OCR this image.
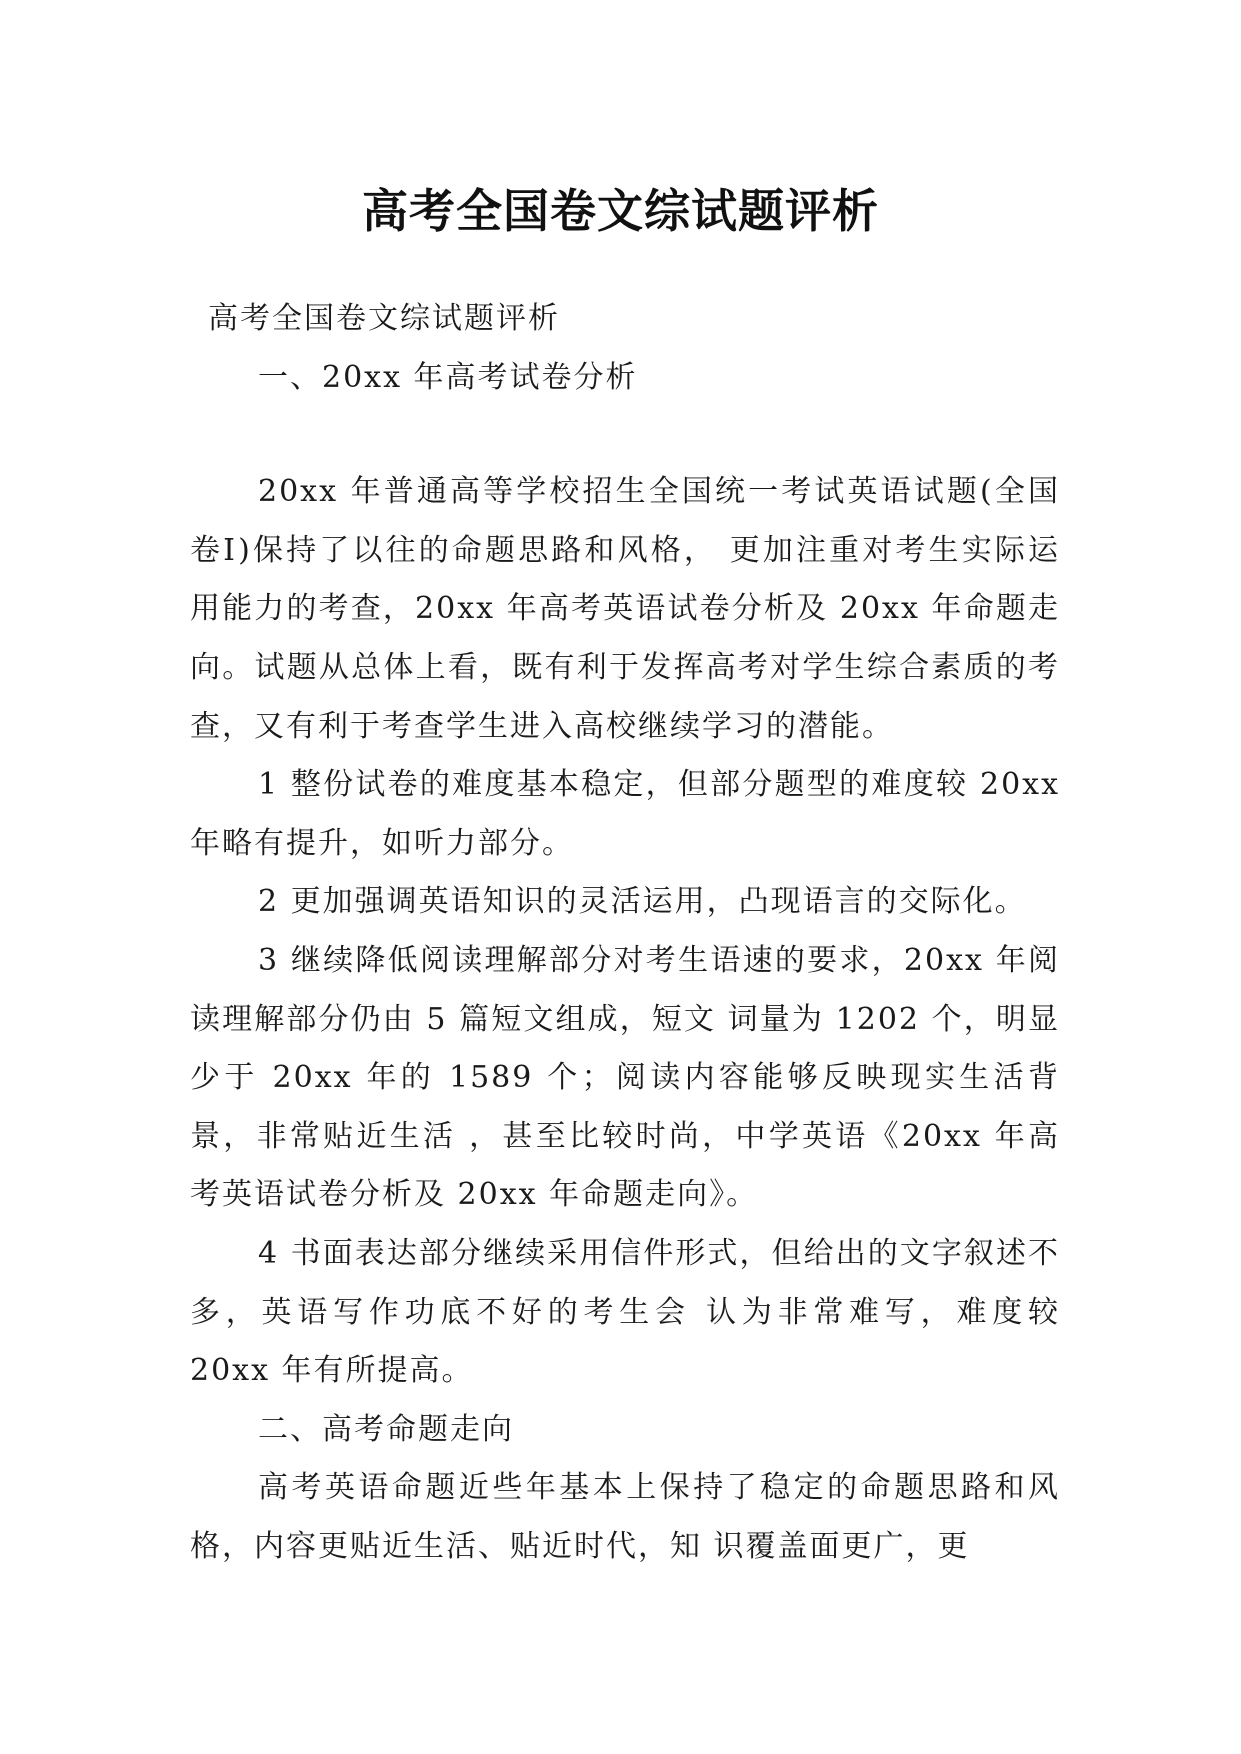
高考全国卷文综试题评析

高考全国卷文综试题评析

一、20xx 年高考试卷分析

20xx 年普通高等学校招生全国统一考试英语试题(全国卷Ⅰ)保持了以往的命题思路和风格， 更加注重对考生实际运用能力的考查，20xx 年高考英语试卷分析及 20xx 年命题走向。试题从总体上看，既有利于发挥高考对学生综合素质的考查，又有利于考查学生进入高校继续学习的潜能。

1 整份试卷的难度基本稳定，但部分题型的难度较 20xx 年略有提升，如听力部分。

2 更加强调英语知识的灵活运用，凸现语言的交际化。

3 继续降低阅读理解部分对考生语速的要求，20xx 年阅读理解部分仍由 5 篇短文组成，短文 词量为 1202 个，明显少于 20xx 年的 1589 个；阅读内容能够反映现实生活背景，非常贴近生活 ，甚至比较时尚，中学英语《20xx 年高考英语试卷分析及 20xx 年命题走向》。

4 书面表达部分继续采用信件形式，但给出的文字叙述不多，英语写作功底不好的考生会 认为非常难写，难度较 20xx 年有所提高。

二、高考命题走向

高考英语命题近些年基本上保持了稳定的命题思路和风格，内容更贴近生活、贴近时代，知 识覆盖面更广，更
